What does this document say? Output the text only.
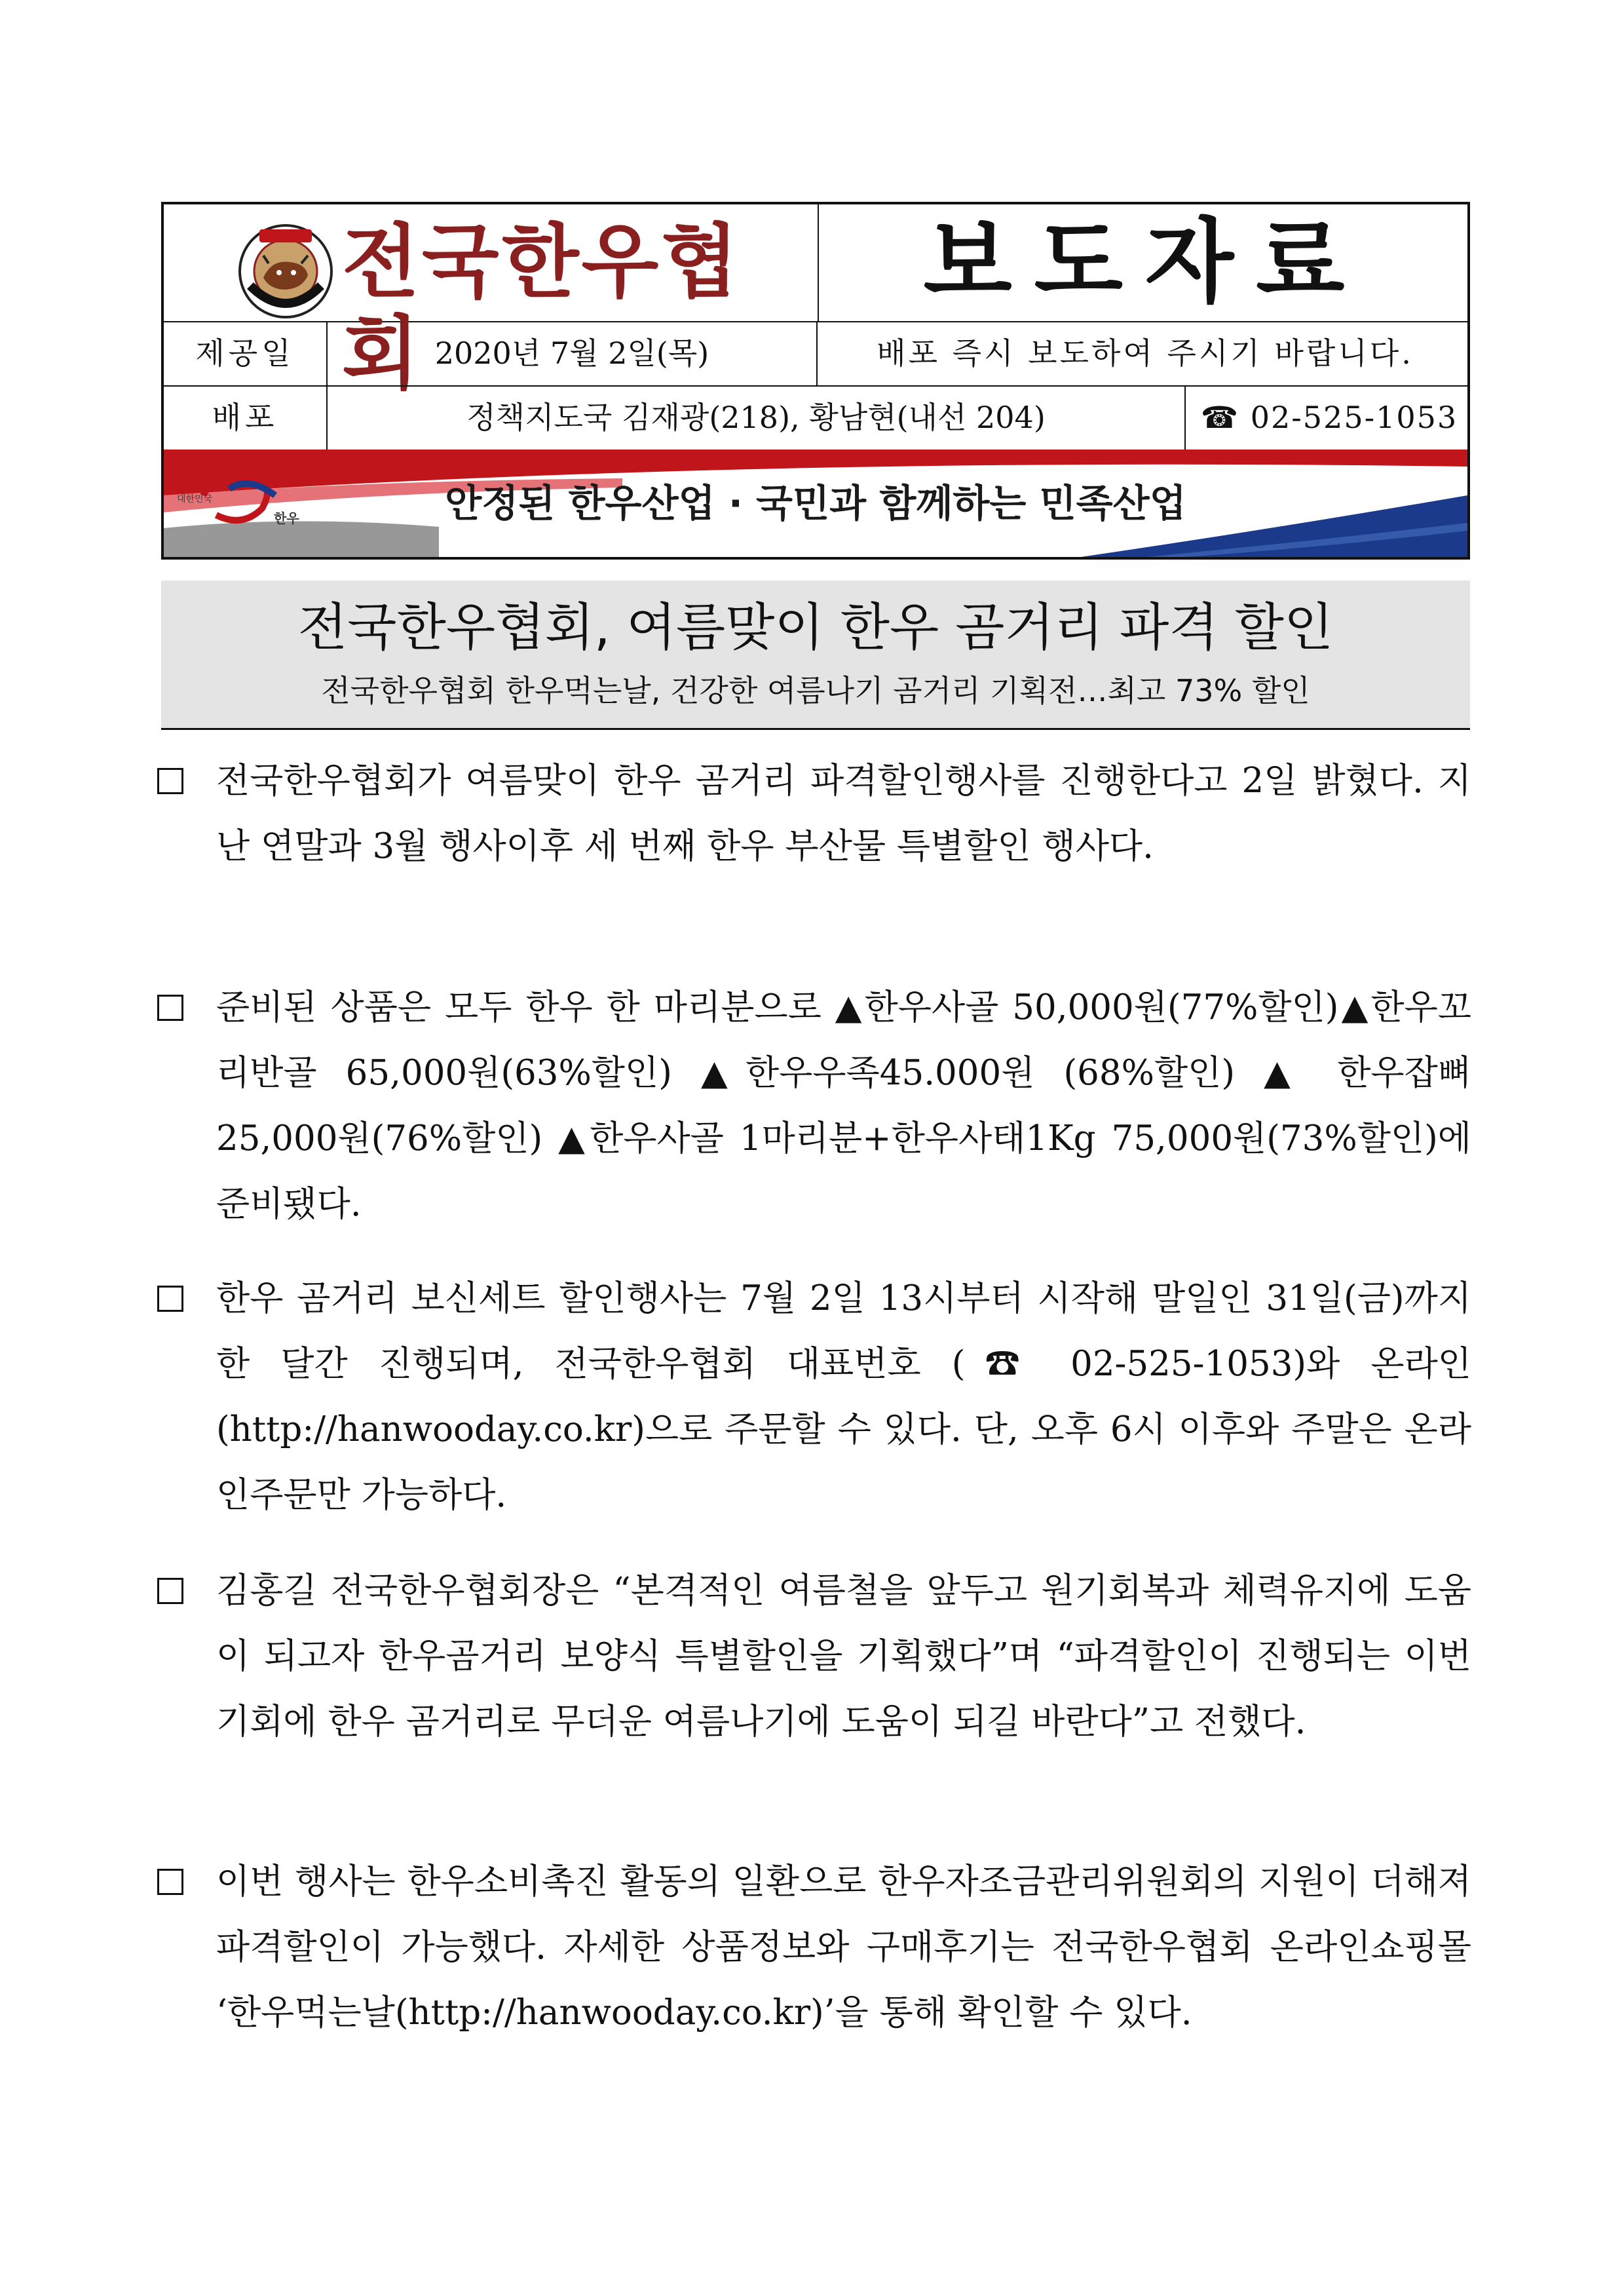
전국한우협회
보도자료
제공일	2020년 7월 2일(목)	배포 즉시 보도하여 주시기 바랍니다.
배포	정책지도국 김재광(218), 황남현(내선 204)	☎ 02-525-1053
안정된 한우산업 · 국민과 함께하는 민족산업
대한민국
한우
전국한우협회, 여름맞이 한우 곰거리 파격 할인
전국한우협회 한우먹는날, 건강한 여름나기 곰거리 기획전…최고 73% 할인
전국한우협회가 여름맞이 한우 곰거리 파격할인행사를 진행한다고 2일 밝혔다. 지난 연말과 3월 행사이후 세 번째 한우 부산물 특별할인 행사다.
준비된 상품은 모두 한우 한 마리분으로 ▲한우사골 50,000원(77%할인)▲한우꼬리반골 65,000원(63%할인) ▲한우우족45.000원 (68%할인) ▲ 한우잡뼈 25,000원(76%할인) ▲한우사골 1마리분+한우사태1Kg 75,000원(73%할인)에 준비됐다.
한우 곰거리 보신세트 할인행사는 7월 2일 13시부터 시작해 말일인 31일(금)까지 한 달간 진행되며, 전국한우협회 대표번호 (☎ 02-525-1053)와 온라인(http://hanwooday.co.kr)으로 주문할 수 있다. 단, 오후 6시 이후와 주말은 온라인주문만 가능하다.
김홍길 전국한우협회장은 “본격적인 여름철을 앞두고 원기회복과 체력유지에 도움이 되고자 한우곰거리 보양식 특별할인을 기획했다”며 “파격할인이 진행되는 이번 기회에 한우 곰거리로 무더운 여름나기에 도움이 되길 바란다”고 전했다.
이번 행사는 한우소비촉진 활동의 일환으로 한우자조금관리위원회의 지원이 더해져 파격할인이 가능했다. 자세한 상품정보와 구매후기는 전국한우협회 온라인쇼핑몰 ‘한우먹는날(http://hanwooday.co.kr)’을 통해 확인할 수 있다.
